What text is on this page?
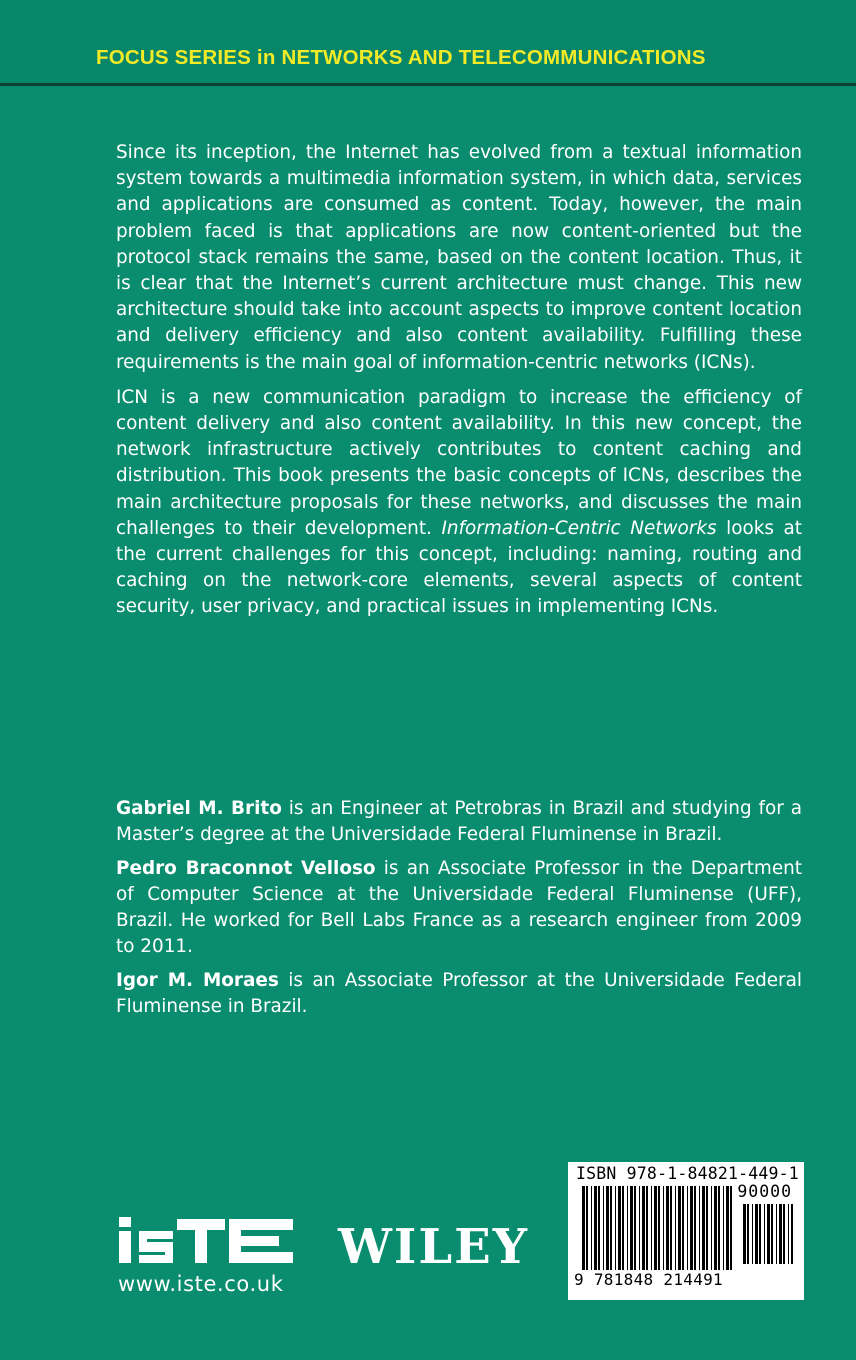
FOCUS SERIES in NETWORKS AND TELECOMMUNICATIONS

Since its inception, the Internet has evolved from a textual information system towards a multimedia information system, in which data, services and applications are consumed as content. Today, however, the main problem faced is that applications are now content-oriented but the protocol stack remains the same, based on the content location. Thus, it is clear that the Internet’s current architecture must change. This new architecture should take into account aspects to improve content location and delivery efficiency and also content availability. Fulfilling these requirements is the main goal of information-centric networks (ICNs).

ICN is a new communication paradigm to increase the efficiency of content delivery and also content availability. In this new concept, the network infrastructure actively contributes to content caching and distribution. This book presents the basic concepts of ICNs, describes the main architecture proposals for these networks, and discusses the main challenges to their development. Information-Centric Networks looks at the current challenges for this concept, including: naming, routing and caching on the network-core elements, several aspects of content security, user privacy, and practical issues in implementing ICNs.

Gabriel M. Brito is an Engineer at Petrobras in Brazil and studying for a Master’s degree at the Universidade Federal Fluminense in Brazil.

Pedro Braconnot Velloso is an Associate Professor in the Department of Computer Science at the Universidade Federal Fluminense (UFF), Brazil. He worked for Bell Labs France as a research engineer from 2009 to 2011.

Igor M. Moraes is an Associate Professor at the Universidade Federal Fluminense in Brazil.

www.iste.co.uk
WILEY
ISBN 978-1-84821-449-1
90000
9 781848 214491
